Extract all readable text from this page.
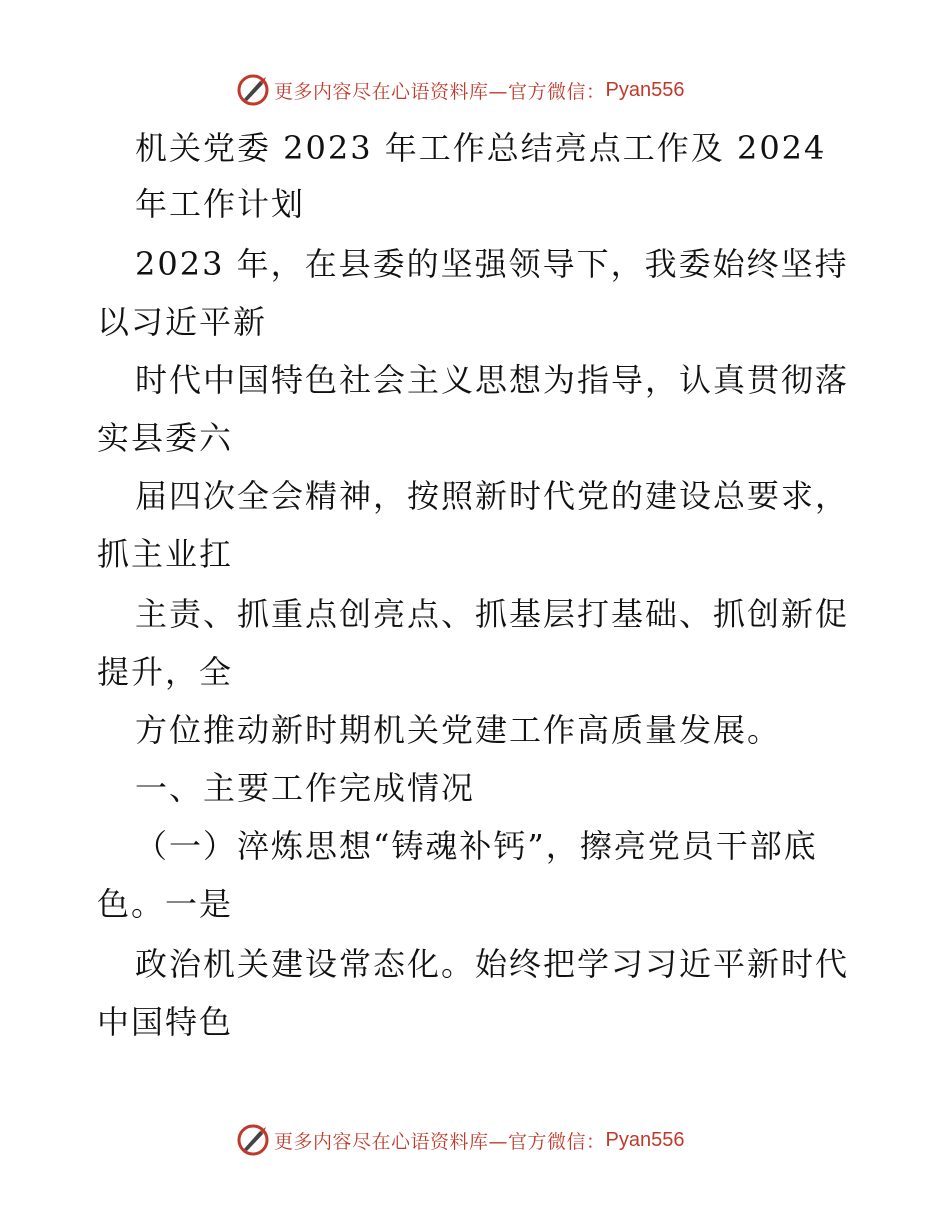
更多内容尽在心语资料库—官方微信： Pyan556
机关党委 2023 年工作总结亮点工作及 2024
年工作计划
2023 年，在县委的坚强领导下，我委始终坚持
以习近平新
时代中国特色社会主义思想为指导，认真贯彻落
实县委六
届四次全会精神，按照新时代党的建设总要求，
抓主业扛
主责、抓重点创亮点、抓基层打基础、抓创新促
提升，全
方位推动新时期机关党建工作高质量发展。
一、主要工作完成情况
（一）淬炼思想“铸魂补钙”，擦亮党员干部底
色。一是
政治机关建设常态化。始终把学习习近平新时代
中国特色
更多内容尽在心语资料库—官方微信： Pyan556
